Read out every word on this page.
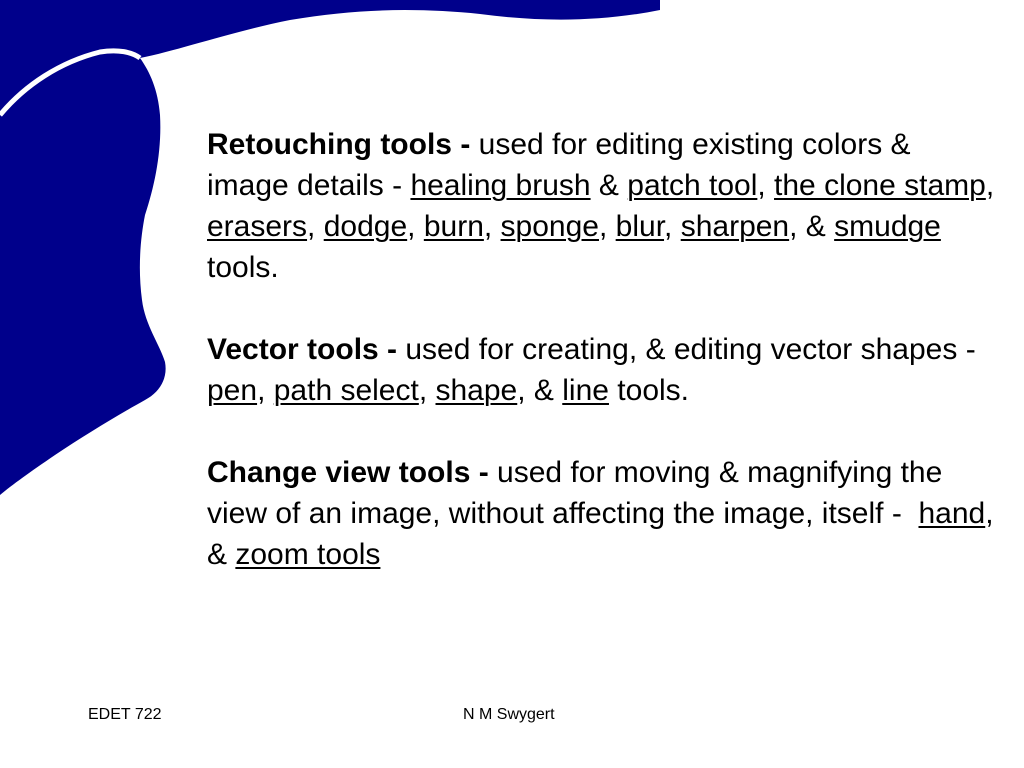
Retouching tools - used for editing existing colors & image details - healing brush & patch tool, the clone stamp, erasers, dodge, burn, sponge, blur, sharpen, & smudge tools.

Vector tools - used for creating, & editing vector shapes - pen, path select, shape, & line tools.

Change view tools - used for moving & magnifying the view of an image, without affecting the image, itself -  hand, & zoom tools

EDET 722	N M Swygert
